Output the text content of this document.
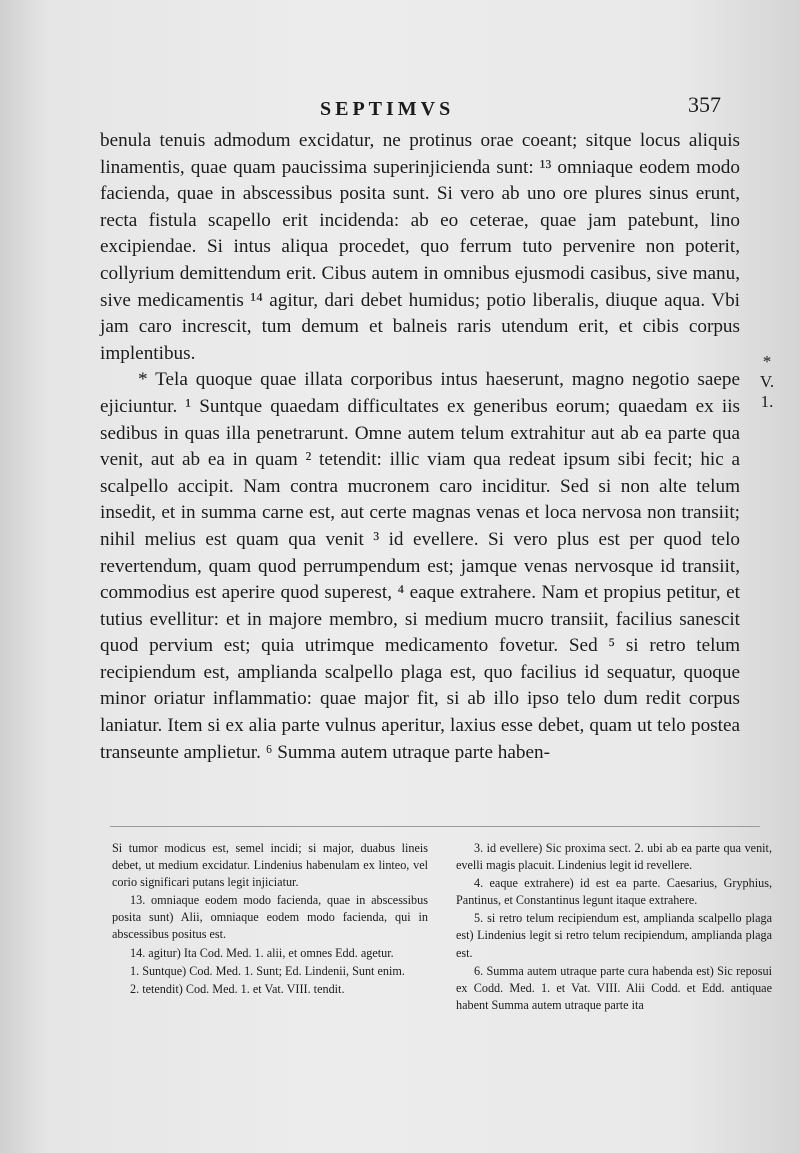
SEPTIMVS	357

benula tenuis admodum excidatur, ne protinus orae coeant; sitque locus aliquis linamentis, quae quam paucissima superinjicienda sunt: ¹³ omniaque eodem modo facienda, quae in abscessibus posita sunt. Si vero ab uno ore plures sinus erunt, recta fistula scapello erit incidenda: ab eo ceterae, quae jam patebunt, lino excipiendae. Si intus aliqua procedet, quo ferrum tuto pervenire non poterit, collyrium demittendum erit. Cibus autem in omnibus ejusmodi casibus, sive manu, sive medicamentis ¹⁴ agitur, dari debet humidus; potio liberalis, diuque aqua. Vbi jam caro increscit, tum demum et balneis raris utendum erit, et cibis corpus implentibus.

* Tela quoque quae illata corporibus intus haeserunt, magno negotio saepe ejiciuntur. ¹ Suntque quaedam difficultates ex generibus eorum; quaedam ex iis sedibus in quas illa penetrarunt. Omne autem telum extrahitur aut ab ea parte qua venit, aut ab ea in quam ² tetendit: illic viam qua redeat ipsum sibi fecit; hic a scalpello accipit. Nam contra mucronem caro inciditur. Sed si non alte telum insedit, et in summa carne est, aut certe magnas venas et loca nervosa non transiit; nihil melius est quam qua venit ³ id evellere. Si vero plus est per quod telo revertendum, quam quod perrumpendum est; jamque venas nervosque id transiit, commodius est aperire quod superest, ⁴ eaque extrahere. Nam et propius petitur, et tutius evellitur: et in majore membro, si medium mucro transiit, facilius sanescit quod pervium est; quia utrimque medicamento fovetur. Sed ⁵ si retro telum recipiendum est, amplianda scalpello plaga est, quo facilius id sequatur, quoque minor oriatur inflammatio: quae major fit, si ab illo ipso telo dum redit corpus laniatur. Item si ex alia parte vulnus aperitur, laxius esse debet, quam ut telo postea transeunte amplietur. ⁶ Summa autem utraque parte haben-

*
V.
1.

Si tumor modicus est, semel incidi; si major, duabus lineis debet, ut medium excidatur. Lindenius habenulam ex linteo, vel corio significari putans legit injiciatur.

13. omniaque eodem modo facienda, quae in abscessibus posita sunt) Alii, omniaque eodem modo facienda, qui in abscessibus positus est.

14. agitur) Ita Cod. Med. 1. alii, et omnes Edd. agetur.

1. Suntque) Cod. Med. 1. Sunt; Ed. Lindenii, Sunt enim.

2. tetendit) Cod. Med. 1. et Vat. VIII. tendit.

3. id evellere) Sic proxima sect. 2. ubi ab ea parte qua venit, evelli magis placuit. Lindenius legit id revellere.

4. eaque extrahere) id est ea parte. Caesarius, Gryphius, Pantinus, et Constantinus legunt itaque extrahere.

5. si retro telum recipiendum est, amplianda scalpello plaga est) Lindenius legit si retro telum recipiendum, amplianda plaga est.

6. Summa autem utraque parte cura habenda est) Sic reposui ex Codd. Med. 1. et Vat. VIII. Alii Codd. et Edd. antiquae habent Summa autem utraque parte ita
